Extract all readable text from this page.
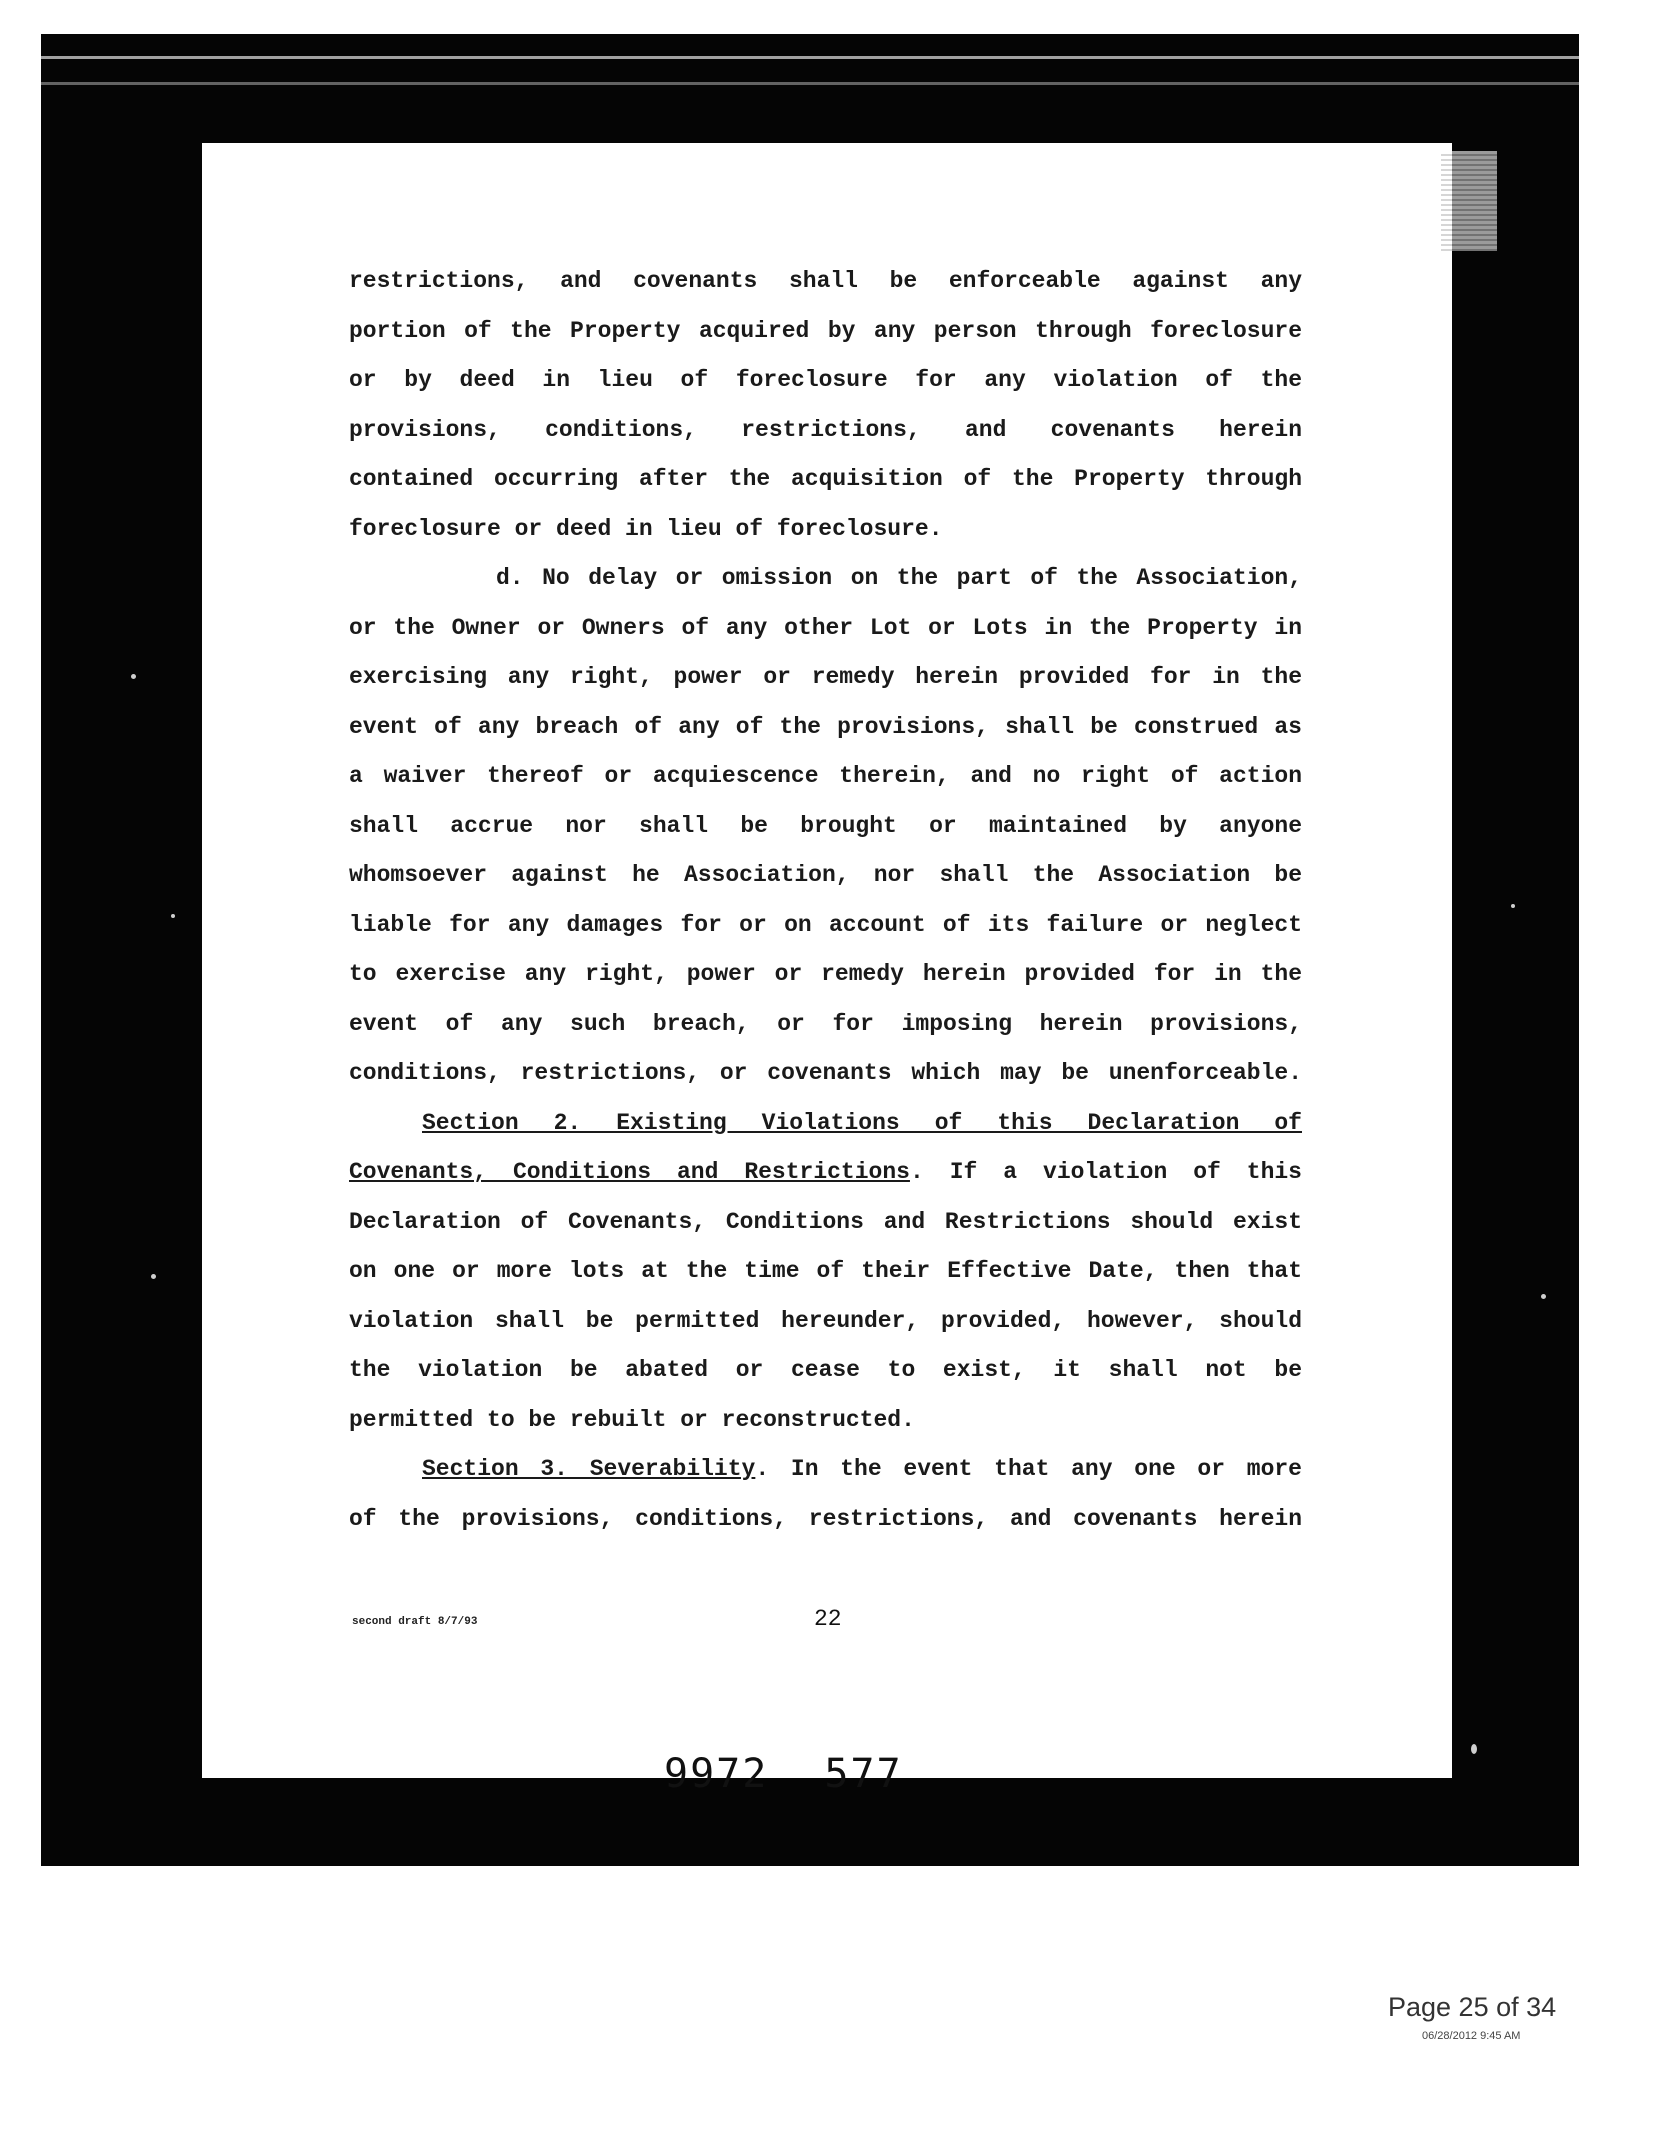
restrictions, and covenants shall be enforceable against any
portion of the Property acquired by any person through foreclosure
or by deed in lieu of foreclosure for any violation of the
provisions, conditions, restrictions, and covenants herein
contained occurring after the acquisition of the Property through
foreclosure or deed in lieu of foreclosure.
d. No delay or omission on the part of the Association,
or the Owner or Owners of any other Lot or Lots in the Property in
exercising any right, power or remedy herein provided for in the
event of any breach of any of the provisions, shall be construed as
a waiver thereof or acquiescence therein, and no right of action
shall accrue nor shall be brought or maintained by anyone
whomsoever against he Association, nor shall the Association be
liable for any damages for or on account of its failure or neglect
to exercise any right, power or remedy herein provided for in the
event of any such breach, or for imposing herein provisions,
conditions, restrictions, or covenants which may be unenforceable.
Section 2. Existing Violations of this Declaration of
Covenants, Conditions and Restrictions. If a violation of this
Declaration of Covenants, Conditions and Restrictions should exist
on one or more lots at the time of their Effective Date, then that
violation shall be permitted hereunder, provided, however, should
the violation be abated or cease to exist, it shall not be
permitted to be rebuilt or reconstructed.
Section 3. Severability. In the event that any one or more
of the provisions, conditions, restrictions, and covenants herein
second draft 8/7/93	22
9972 577
Page 25 of 34
06/28/2012 9:45 AM
